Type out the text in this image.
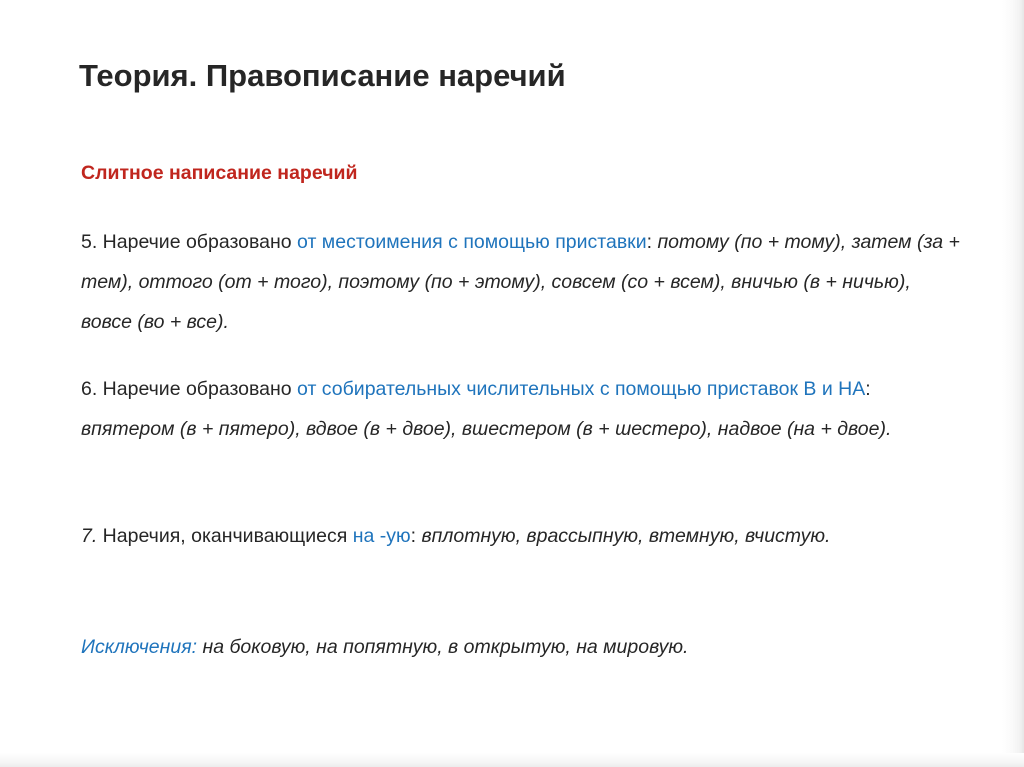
Теория. Правописание наречий
Слитное написание наречий

5. Наречие образовано от местоимения с помощью приставки: потому (по + тому), затем (за + тем), оттого (от + того), поэтому (по + этому), совсем (со + всем), вничью (в + ничью), вовсе (во + все).

6. Наречие образовано от собирательных числительных с помощью приставок В и НА: впятером (в + пятеро), вдвое (в + двое), вшестером (в + шестеро), надвое (на + двое).

7. Наречия, оканчивающиеся на -ую: вплотную, врассыпную, втемную, вчистую.

Исключения: на боковую, на попятную, в открытую, на мировую.
